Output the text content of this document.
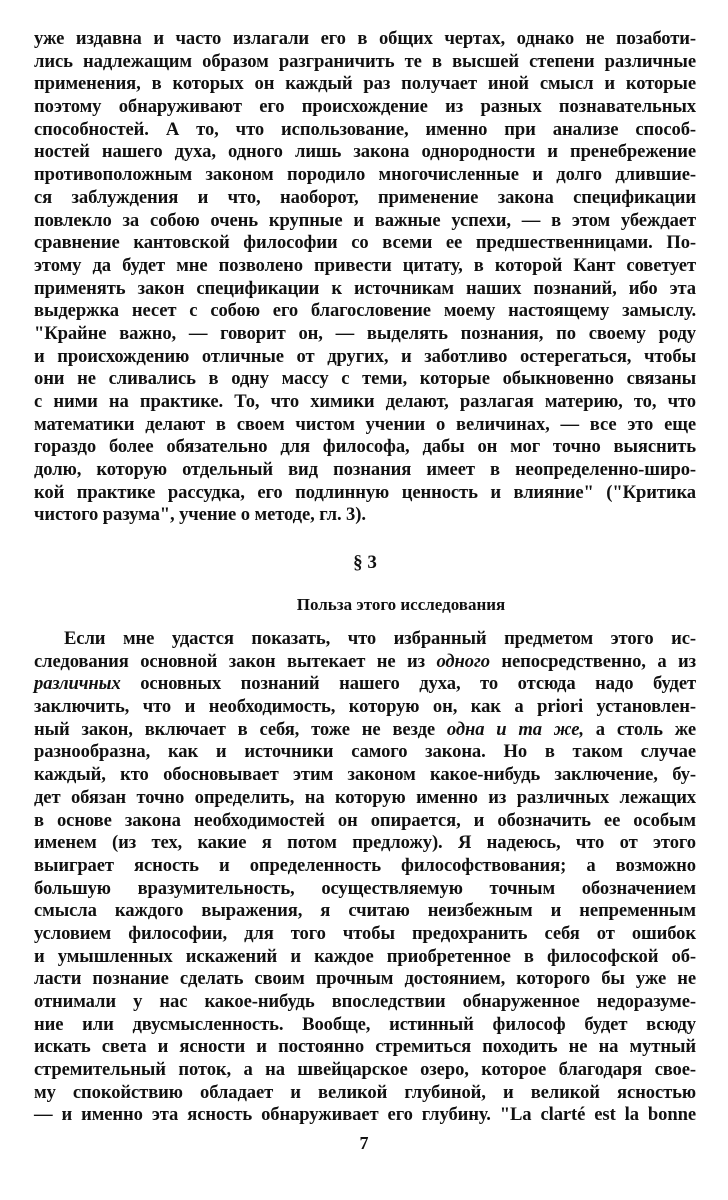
уже издавна и часто излагали его в общих чертах, однако не позаботи-
лись надлежащим образом разграничить те в высшей степени различные
применения, в которых он каждый раз получает иной смысл и которые
поэтому обнаруживают его происхождение из разных познавательных
способностей. А то, что использование, именно при анализе способ-
ностей нашего духа, одного лишь закона однородности и пренебрежение
противоположным законом породило многочисленные и долго длившие-
ся заблуждения и что, наоборот, применение закона спецификации
повлекло за собою очень крупные и важные успехи, — в этом убеждает
сравнение кантовской философии со всеми ее предшественницами. По-
этому да будет мне позволено привести цитату, в которой Кант советует
применять закон спецификации к источникам наших познаний, ибо эта
выдержка несет с собою его благословение моему настоящему замыслу.
"Крайне важно, — говорит он, — выделять познания, по своему роду
и происхождению отличные от других, и заботливо остерегаться, чтобы
они не сливались в одну массу с теми, которые обыкновенно связаны
с ними на практике. То, что химики делают, разлагая материю, то, что
математики делают в своем чистом учении о величинах, — все это еще
гораздо более обязательно для философа, дабы он мог точно выяснить
долю, которую отдельный вид познания имеет в неопределенно-широ-
кой практике рассудка, его подлинную ценность и влияние" ("Критика
чистого разума", учение о методе, гл. 3).
§ 3
Польза этого исследования
Если мне удастся показать, что избранный предметом этого ис-
следования основной закон вытекает не из одного непосредственно, а из
различных основных познаний нашего духа, то отсюда надо будет
заключить, что и необходимость, которую он, как a priori установлен-
ный закон, включает в себя, тоже не везде одна и та же, а столь же
разнообразна, как и источники самого закона. Но в таком случае
каждый, кто обосновывает этим законом какое-нибудь заключение, бу-
дет обязан точно определить, на которую именно из различных лежащих
в основе закона необходимостей он опирается, и обозначить ее особым
именем (из тех, какие я потом предложу). Я надеюсь, что от этого
выиграет ясность и определенность философствования; а возможно
большую вразумительность, осуществляемую точным обозначением
смысла каждого выражения, я считаю неизбежным и непременным
условием философии, для того чтобы предохранить себя от ошибок
и умышленных искажений и каждое приобретенное в философской об-
ласти познание сделать своим прочным достоянием, которого бы уже не
отнимали у нас какое-нибудь впоследствии обнаруженное недоразуме-
ние или двусмысленность. Вообще, истинный философ будет всюду
искать света и ясности и постоянно стремиться походить не на мутный
стремительный поток, а на швейцарское озеро, которое благодаря свое-
му спокойствию обладает и великой глубиной, и великой ясностью
— и именно эта ясность обнаруживает его глубину. "La clarté est la bonne
7
